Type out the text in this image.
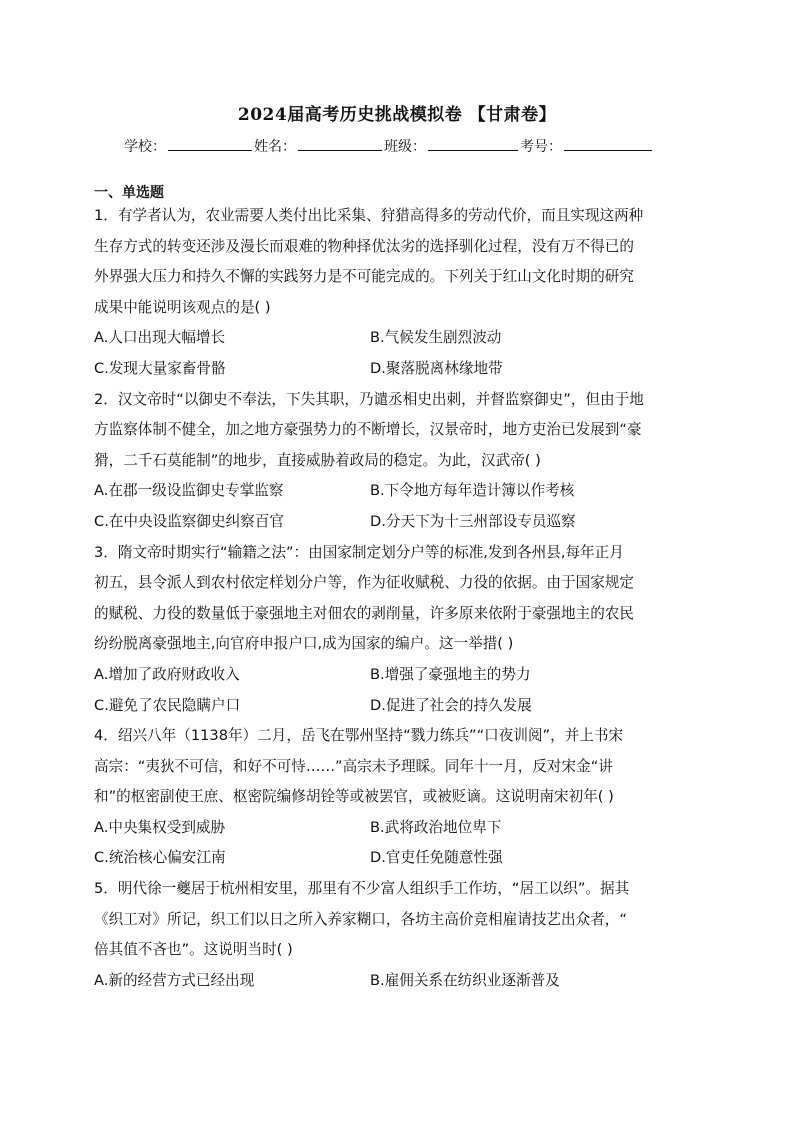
2024届高考历史挑战模拟卷 【甘肃卷】
学校：	姓名：	班级：	考号：
一、单选题

1．有学者认为，农业需要人类付出比采集、狩猎高得多的劳动代价，而且实现这两种
生存方式的转变还涉及漫长而艰难的物种择优汰劣的选择驯化过程，没有万不得已的
外界强大压力和持久不懈的实践努力是不可能完成的。下列关于红山文化时期的研究
成果中能说明该观点的是( )

A.人口出现大幅增长	B.气候发生剧烈波动
C.发现大量家畜骨骼	D.聚落脱离林缘地带

2．汉文帝时“以御史不奉法，下失其职，乃谴丞相史出刺，并督监察御史”，但由于地
方监察体制不健全，加之地方豪强势力的不断增长，汉景帝时，地方吏治已发展到“豪
猾，二千石莫能制”的地步，直接威胁着政局的稳定。为此，汉武帝( )

A.在郡一级设监御史专掌监察	B.下令地方每年造计簿以作考核
C.在中央设监察御史纠察百官	D.分天下为十三州部设专员巡察

3．隋文帝时期实行“输籍之法”：由国家制定划分户等的标准,发到各州县,每年正月
初五，县令派人到农村依定样划分户等，作为征收赋税、力役的依据。由于国家规定
的赋税、力役的数量低于豪强地主对佃农的剥削量，许多原来依附于豪强地主的农民
纷纷脱离豪强地主,向官府申报户口,成为国家的编户。这一举措( )

A.增加了政府财政收入	B.增强了豪强地主的势力
C.避免了农民隐瞒户口	D.促进了社会的持久发展

4．绍兴八年（1138年）二月，岳飞在鄂州坚持“戮力练兵”“口夜训阅”，并上书宋
高宗：“夷狄不可信，和好不可恃……”高宗未予理睬。同年十一月，反对宋金“讲
和”的枢密副使王庶、枢密院编修胡铨等或被罢官，或被贬谪。这说明南宋初年( )

A.中央集权受到威胁	B.武将政治地位卑下
C.统治核心偏安江南	D.官吏任免随意性强

5．明代徐一夔居于杭州相安里，那里有不少富人组织手工作坊，“居工以织”。据其
《织工对》所记，织工们以日之所入养家糊口，各坊主高价竞相雇请技艺出众者，“
倍其值不吝也”。这说明当时( )

A.新的经营方式已经出现	B.雇佣关系在纺织业逐渐普及
